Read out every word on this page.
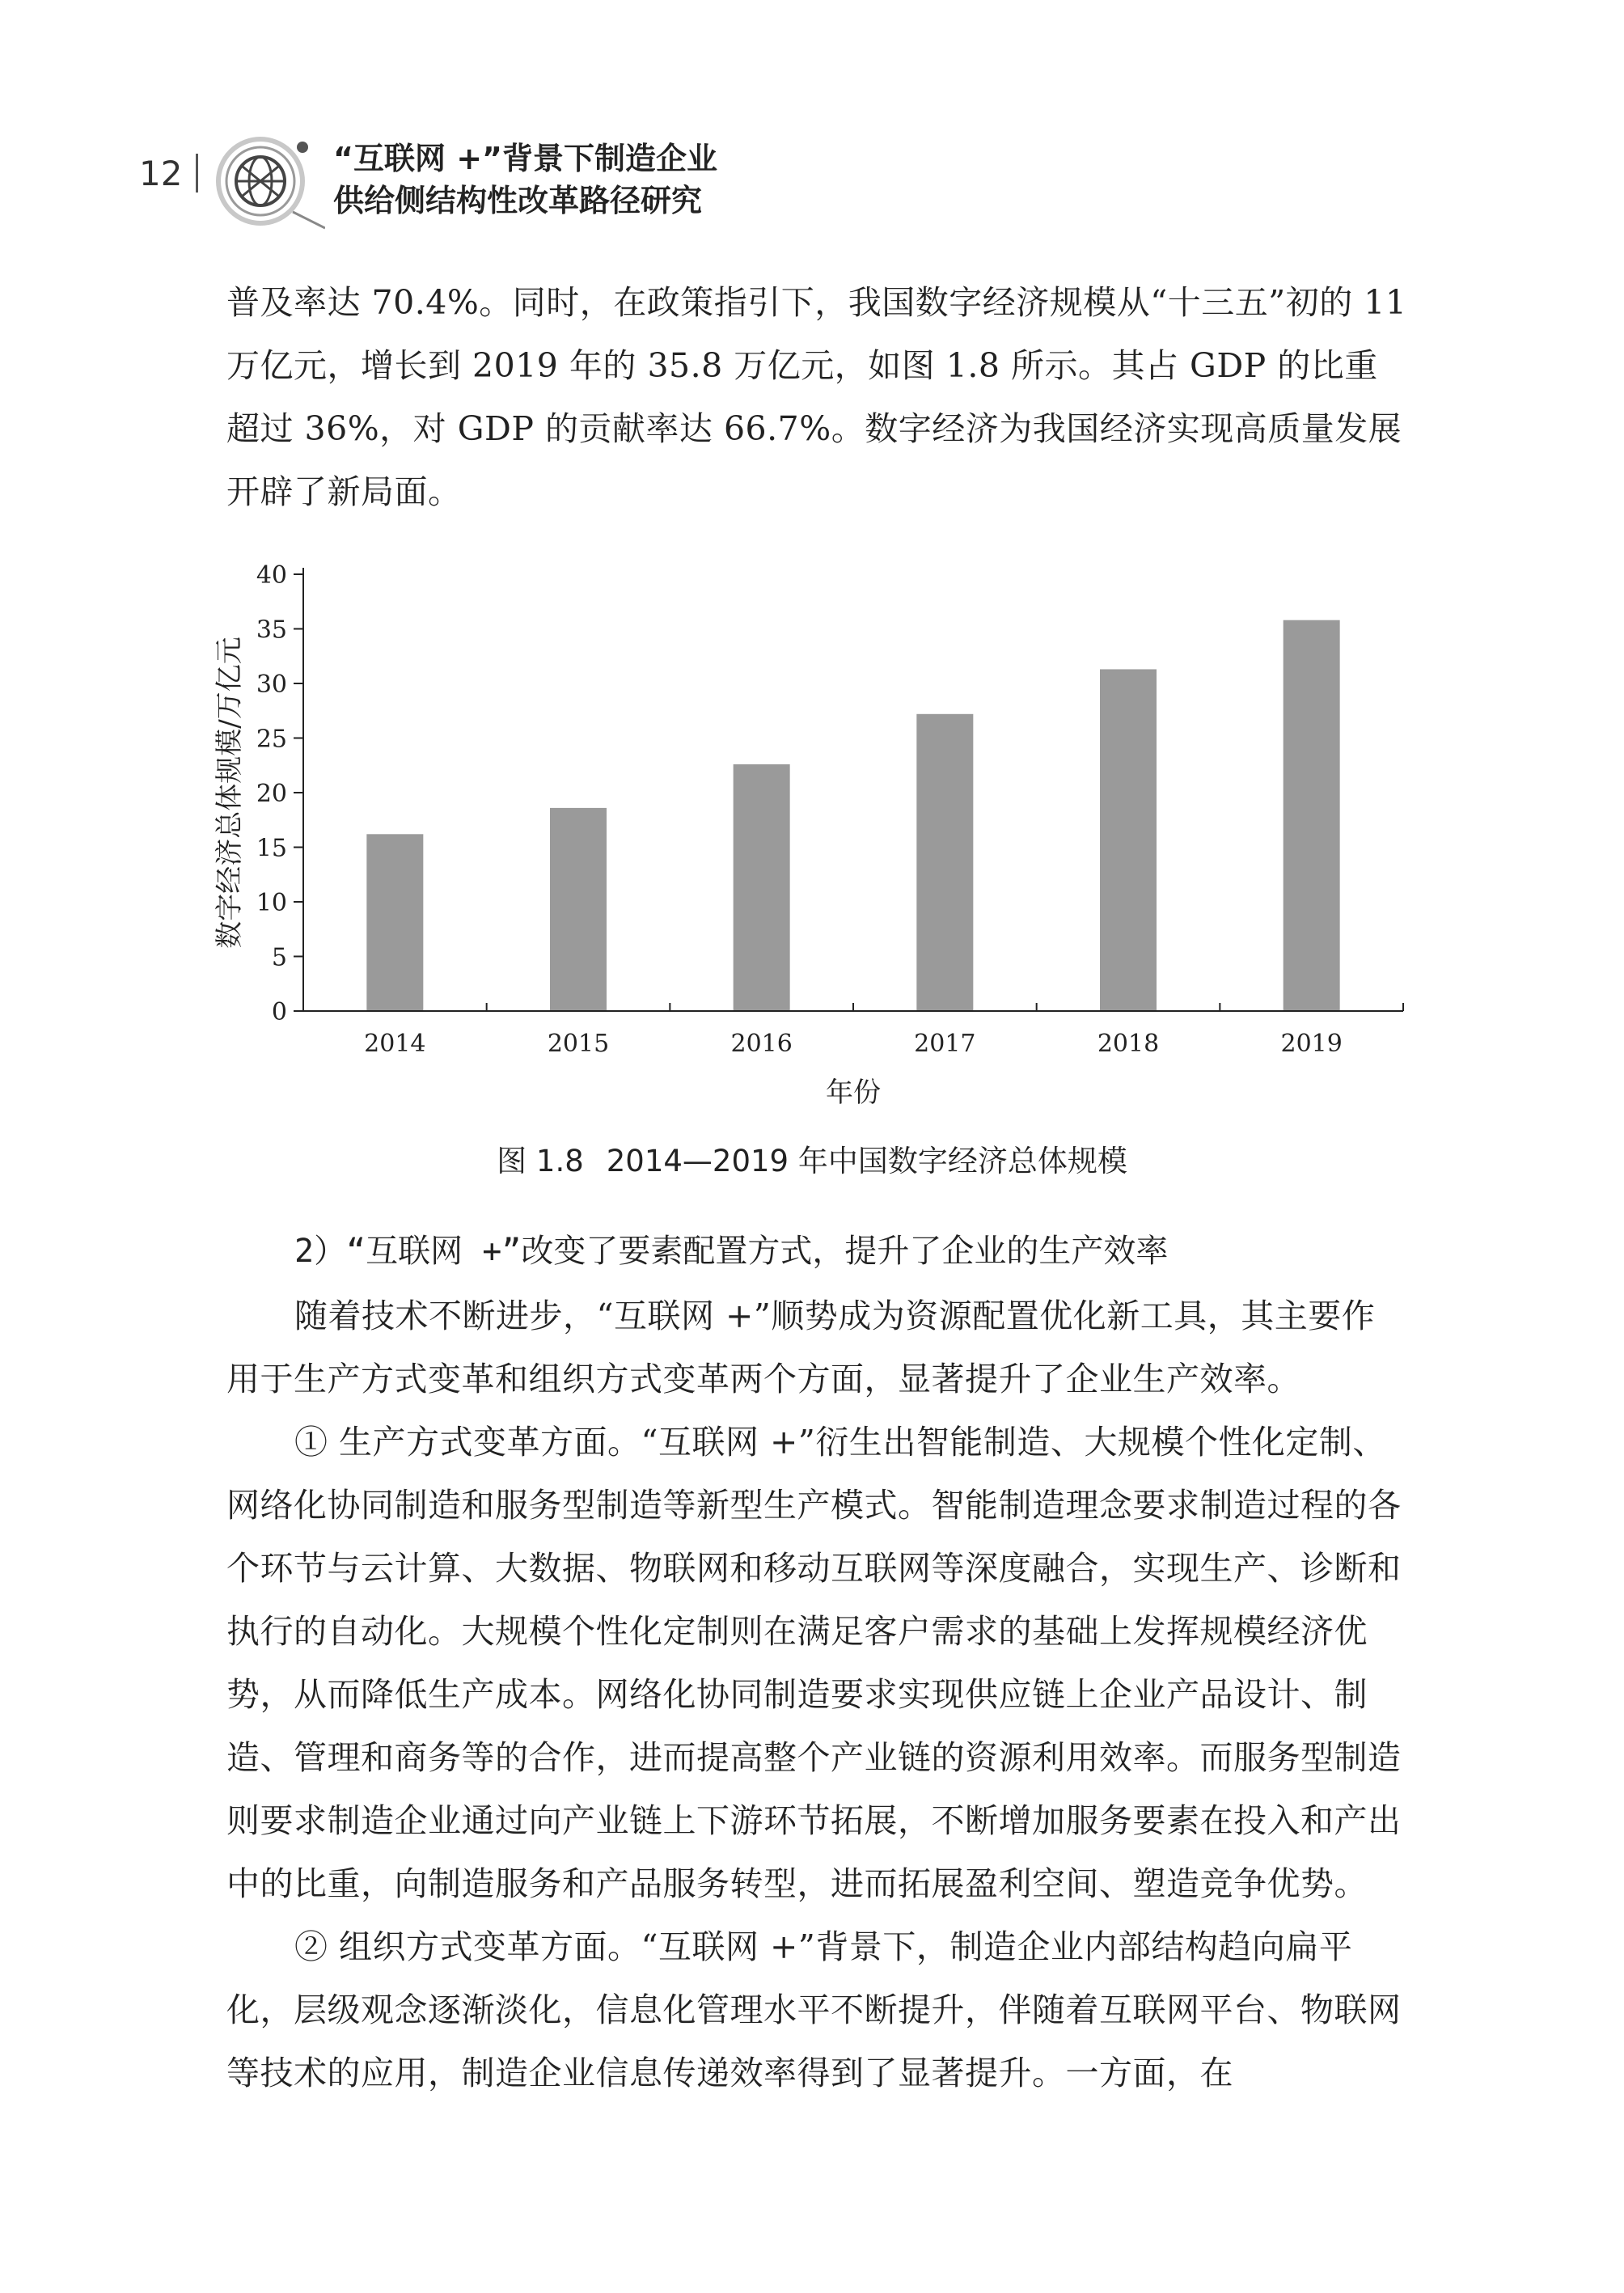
12	“互联网 +”背景下制造企业
供给侧结构性改革路径研究

普及率达 70.4%。同时，在政策指引下，我国数字经济规模从“十三五”初的 11 万亿元，增长到 2019 年的 35.8 万亿元，如图 1.8 所示。其占 GDP 的比重超过 36%，对 GDP 的贡献率达 66.7%。数字经济为我国经济实现高质量发展开辟了新局面。

0
5
10
15
20
25
30
35
40
2014	2015	2016	2017	2018	2019
数字经济总体规模/万亿元
年份
图 1.8 2014—2019 年中国数字经济总体规模
2）“互联网 +”改变了要素配置方式，提升了企业的生产效率

随着技术不断进步，“互联网 +”顺势成为资源配置优化新工具，其主要作用于生产方式变革和组织方式变革两个方面，显著提升了企业生产效率。

① 生产方式变革方面。“互联网 +”衍生出智能制造、大规模个性化定制、网络化协同制造和服务型制造等新型生产模式。智能制造理念要求制造过程的各个环节与云计算、大数据、物联网和移动互联网等深度融合，实现生产、诊断和执行的自动化。大规模个性化定制则在满足客户需求的基础上发挥规模经济优势，从而降低生产成本。网络化协同制造要求实现供应链上企业产品设计、制造、管理和商务等的合作，进而提高整个产业链的资源利用效率。而服务型制造则要求制造企业通过向产业链上下游环节拓展，不断增加服务要素在投入和产出中的比重，向制造服务和产品服务转型，进而拓展盈利空间、塑造竞争优势。

② 组织方式变革方面。“互联网 +”背景下，制造企业内部结构趋向扁平化，层级观念逐渐淡化，信息化管理水平不断提升，伴随着互联网平台、物联网等技术的应用，制造企业信息传递效率得到了显著提升。一方面，在
